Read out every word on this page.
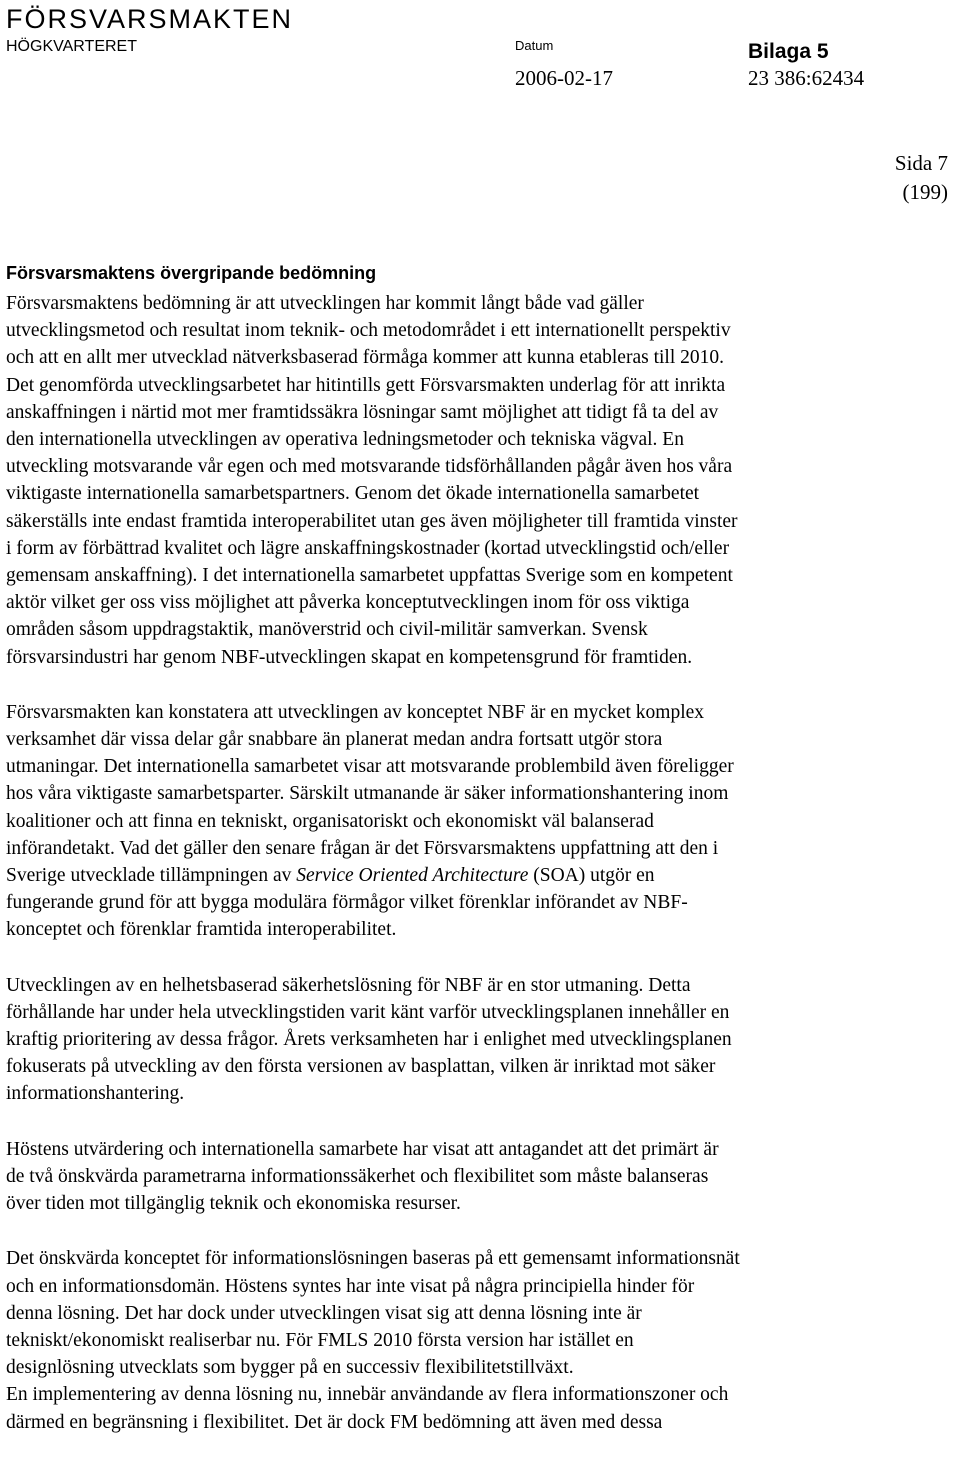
FÖRSVARSMAKTEN
HÖGKVARTERET	Datum	Bilaga 5
2006-02-17	23 386:62434
Sida 7
(199)
Försvarsmaktens övergripande bedömning

Försvarsmaktens bedömning är att utvecklingen har kommit långt både vad gäller
utvecklingsmetod och resultat inom teknik- och metodområdet i ett internationellt perspektiv
och att en allt mer utvecklad nätverksbaserad förmåga kommer att kunna etableras till 2010.
Det genomförda utvecklingsarbetet har hitintills gett Försvarsmakten underlag för att inrikta
anskaffningen i närtid mot mer framtidssäkra lösningar samt möjlighet att tidigt få ta del av
den internationella utvecklingen av operativa ledningsmetoder och tekniska vägval. En
utveckling motsvarande vår egen och med motsvarande tidsförhållanden pågår även hos våra
viktigaste internationella samarbetspartners. Genom det ökade internationella samarbetet
säkerställs inte endast framtida interoperabilitet utan ges även möjligheter till framtida vinster
i form av förbättrad kvalitet och lägre anskaffningskostnader (kortad utvecklingstid och/eller
gemensam anskaffning). I det internationella samarbetet uppfattas Sverige som en kompetent
aktör vilket ger oss viss möjlighet att påverka konceptutvecklingen inom för oss viktiga
områden såsom uppdragstaktik, manöverstrid och civil-militär samverkan. Svensk
försvarsindustri har genom NBF-utvecklingen skapat en kompetensgrund för framtiden.

Försvarsmakten kan konstatera att utvecklingen av konceptet NBF är en mycket komplex
verksamhet där vissa delar går snabbare än planerat medan andra fortsatt utgör stora
utmaningar. Det internationella samarbetet visar att motsvarande problembild även föreligger
hos våra viktigaste samarbetsparter. Särskilt utmanande är säker informationshantering inom
koalitioner och att finna en tekniskt, organisatoriskt och ekonomiskt väl balanserad
införandetakt. Vad det gäller den senare frågan är det Försvarsmaktens uppfattning att den i
Sverige utvecklade tillämpningen av Service Oriented Architecture (SOA) utgör en
fungerande grund för att bygga modulära förmågor vilket förenklar införandet av NBF-
konceptet och förenklar framtida interoperabilitet.

Utvecklingen av en helhetsbaserad säkerhetslösning för NBF är en stor utmaning. Detta
förhållande har under hela utvecklingstiden varit känt varför utvecklingsplanen innehåller en
kraftig prioritering av dessa frågor. Årets verksamheten har i enlighet med utvecklingsplanen
fokuserats på utveckling av den första versionen av basplattan, vilken är inriktad mot säker
informationshantering.

Höstens utvärdering och internationella samarbete har visat att antagandet att det primärt är
de två önskvärda parametrarna informationssäkerhet och flexibilitet som måste balanseras
över tiden mot tillgänglig teknik och ekonomiska resurser.

Det önskvärda konceptet för informationslösningen baseras på ett gemensamt informationsnät
och en informationsdomän. Höstens syntes har inte visat på några principiella hinder för
denna lösning. Det har dock under utvecklingen visat sig att denna lösning inte är
tekniskt/ekonomiskt realiserbar nu. För FMLS 2010 första version har istället en
designlösning utvecklats som bygger på en successiv flexibilitetstillväxt.

En implementering av denna lösning nu, innebär användande av flera informationszoner och
därmed en begränsning i flexibilitet. Det är dock FM bedömning att även med dessa
